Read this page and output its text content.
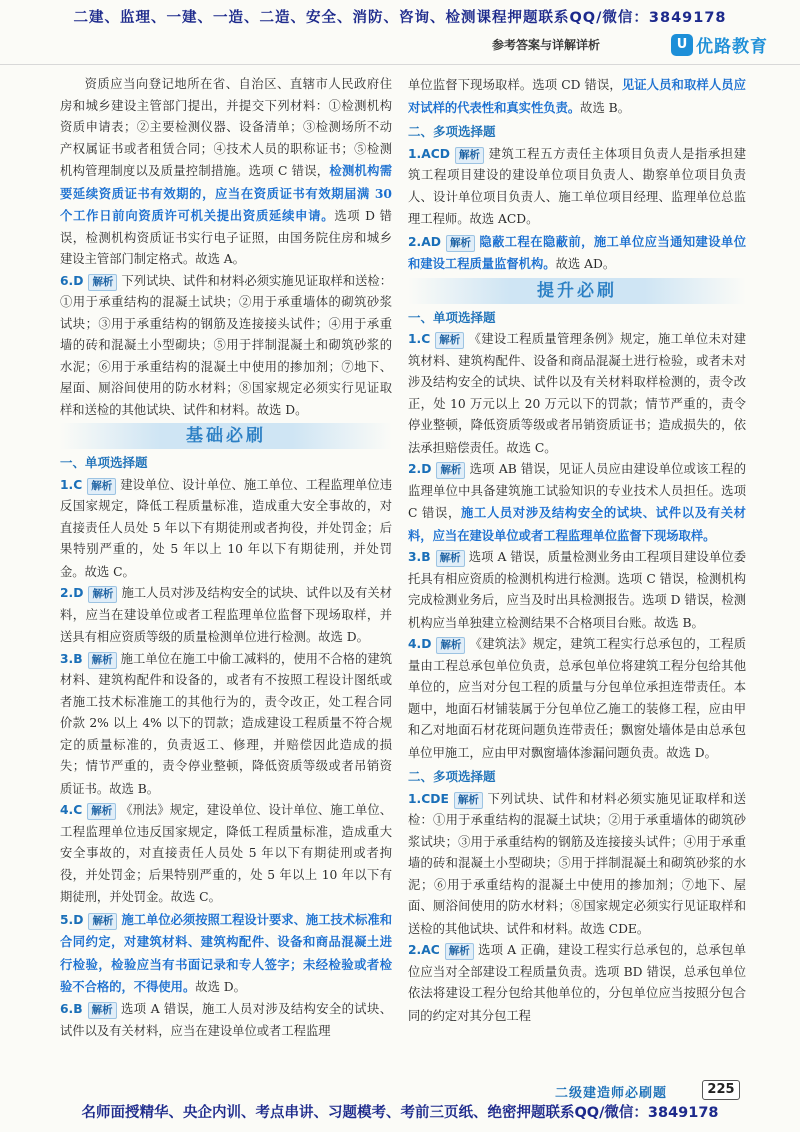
二建、监理、一建、一造、二造、安全、消防、咨询、检测课程押题联系QQ/微信：3849178
参考答案与详解详析	U 优路教育

资质应当向登记地所在省、自治区、直辖市人民政府住房和城乡建设主管部门提出，并提交下列材料：①检测机构资质申请表；②主要检测仪器、设备清单；③检测场所不动产权属证书或者租赁合同；④技术人员的职称证书；⑤检测机构管理制度以及质量控制措施。选项 C 错误，检测机构需要延续资质证书有效期的，应当在资质证书有效期届满 30 个工作日前向资质许可机关提出资质延续申请。选项 D 错误，检测机构资质证书实行电子证照，由国务院住房和城乡建设主管部门制定格式。故选 A。

6.D 解析 下列试块、试件和材料必须实施见证取样和送检：①用于承重结构的混凝土试块；②用于承重墙体的砌筑砂浆试块；③用于承重结构的钢筋及连接接头试件；④用于承重墙的砖和混凝土小型砌块；⑤用于拌制混凝土和砌筑砂浆的水泥；⑥用于承重结构的混凝土中使用的掺加剂；⑦地下、屋面、厕浴间使用的防水材料；⑧国家规定必须实行见证取样和送检的其他试块、试件和材料。故选 D。

基础必刷
一、单项选择题

1.C 解析 建设单位、设计单位、施工单位、工程监理单位违反国家规定，降低工程质量标准，造成重大安全事故的，对直接责任人员处 5 年以下有期徒刑或者拘役，并处罚金；后果特别严重的，处 5 年以上 10 年以下有期徒刑，并处罚金。故选 C。

2.D 解析 施工人员对涉及结构安全的试块、试件以及有关材料，应当在建设单位或者工程监理单位监督下现场取样，并送具有相应资质等级的质量检测单位进行检测。故选 D。

3.B 解析 施工单位在施工中偷工减料的，使用不合格的建筑材料、建筑构配件和设备的，或者有不按照工程设计图纸或者施工技术标准施工的其他行为的，责令改正，处工程合同价款 2% 以上 4% 以下的罚款；造成建设工程质量不符合规定的质量标准的，负责返工、修理，并赔偿因此造成的损失；情节严重的，责令停业整顿，降低资质等级或者吊销资质证书。故选 B。

4.C 解析 《刑法》规定，建设单位、设计单位、施工单位、工程监理单位违反国家规定，降低工程质量标准，造成重大安全事故的，对直接责任人员处 5 年以下有期徒刑或者拘役，并处罚金；后果特别严重的，处 5 年以上 10 年以下有期徒刑，并处罚金。故选 C。

5.D 解析 施工单位必须按照工程设计要求、施工技术标准和合同约定，对建筑材料、建筑构配件、设备和商品混凝土进行检验，检验应当有书面记录和专人签字；未经检验或者检验不合格的，不得使用。故选 D。

6.B 解析 选项 A 错误，施工人员对涉及结构安全的试块、试件以及有关材料，应当在建设单位或者工程监理

单位监督下现场取样。选项 CD 错误，见证人员和取样人员应对试样的代表性和真实性负责。故选 B。

二、多项选择题

1.ACD 解析 建筑工程五方责任主体项目负责人是指承担建筑工程项目建设的建设单位项目负责人、勘察单位项目负责人、设计单位项目负责人、施工单位项目经理、监理单位总监理工程师。故选 ACD。

2.AD 解析 隐蔽工程在隐蔽前，施工单位应当通知建设单位和建设工程质量监督机构。故选 AD。

提升必刷
一、单项选择题

1.C 解析 《建设工程质量管理条例》规定，施工单位未对建筑材料、建筑构配件、设备和商品混凝土进行检验，或者未对涉及结构安全的试块、试件以及有关材料取样检测的，责令改正，处 10 万元以上 20 万元以下的罚款；情节严重的，责令停业整顿，降低资质等级或者吊销资质证书；造成损失的，依法承担赔偿责任。故选 C。

2.D 解析 选项 AB 错误，见证人员应由建设单位或该工程的监理单位中具备建筑施工试验知识的专业技术人员担任。选项 C 错误，施工人员对涉及结构安全的试块、试件以及有关材料，应当在建设单位或者工程监理单位监督下现场取样。

3.B 解析 选项 A 错误，质量检测业务由工程项目建设单位委托具有相应资质的检测机构进行检测。选项 C 错误，检测机构完成检测业务后，应当及时出具检测报告。选项 D 错误，检测机构应当单独建立检测结果不合格项目台账。故选 B。

4.D 解析 《建筑法》规定，建筑工程实行总承包的，工程质量由工程总承包单位负责，总承包单位将建筑工程分包给其他单位的，应当对分包工程的质量与分包单位承担连带责任。本题中，地面石材铺装属于分包单位乙施工的装修工程，应由甲和乙对地面石材花斑问题负连带责任；飘窗处墙体是由总承包单位甲施工，应由甲对飘窗墙体渗漏问题负责。故选 D。

二、多项选择题

1.CDE 解析 下列试块、试件和材料必须实施见证取样和送检：①用于承重结构的混凝土试块；②用于承重墙体的砌筑砂浆试块；③用于承重结构的钢筋及连接接头试件；④用于承重墙的砖和混凝土小型砌块；⑤用于拌制混凝土和砌筑砂浆的水泥；⑥用于承重结构的混凝土中使用的掺加剂；⑦地下、屋面、厕浴间使用的防水材料；⑧国家规定必须实行见证取样和送检的其他试块、试件和材料。故选 CDE。

2.AC 解析 选项 A 正确，建设工程实行总承包的，总承包单位应当对全部建设工程质量负责。选项 BD 错误，总承包单位依法将建设工程分包给其他单位的，分包单位应当按照分包合同的约定对其分包工程

二级建造师必刷题	225
名师面授精华、央企内训、考点串讲、习题模考、考前三页纸、绝密押题联系QQ/微信：3849178
